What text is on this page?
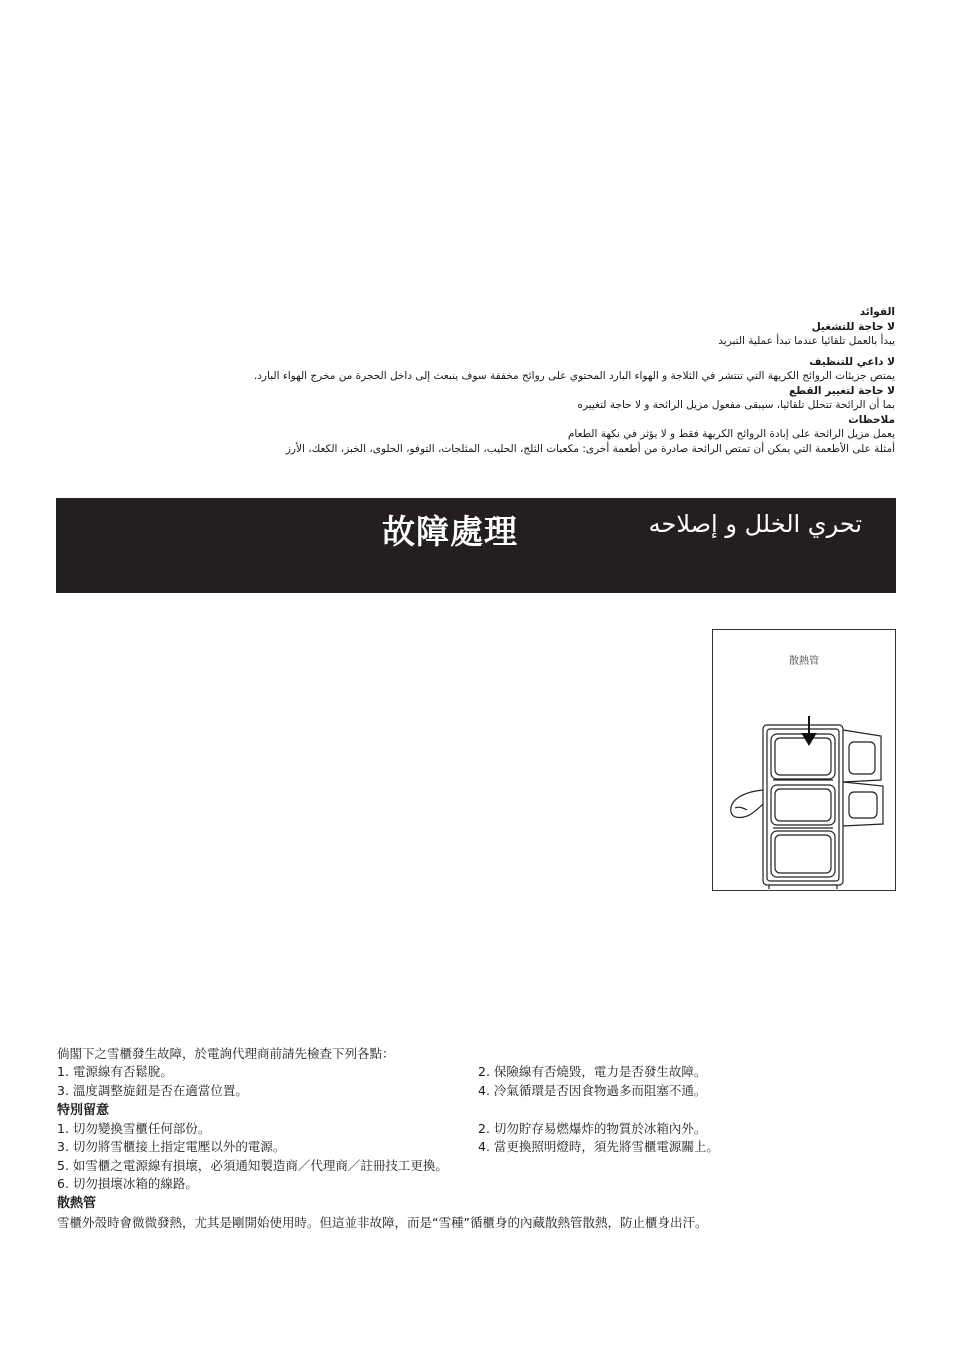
الفوائد
لا حاجة للتشغيل
يبدأ بالعمل تلقائيا عندما تبدأ عملية التبريد
لا داعي للتنظيف
يمتص جزيئات الروائح الكريهة التي تنتشر في الثلاجة و الهواء البارد المحتوي على روائح مخففة سوف ينبعث إلى داخل الحجرة من مخرج الهواء البارد.
لا حاجة لتغيير القطع
بما أن الرائحة تتحلل تلقائيا، سيبقى مفعول مزيل الرائحة و لا حاجة لتغييره
ملاحظات
يعمل مزيل الرائحة على إبادة الروائح الكريهة فقط و لا يؤثر في نكهة الطعام
أمثلة على الأطعمة التي يمكن أن تمتص الرائحة صادرة من أطعمة أخرى: مكعبات الثلج، الحليب، المثلجات، التوفو، الحلوى، الخبز، الكعك، الأرز
故障處理	تحري الخلل و إصلاحه
散熱管
倘閣下之雪櫃發生故障，於電詢代理商前請先檢查下列各點：
1. 電源線有否鬆脫。	2. 保險線有否燒毀，電力是否發生故障。
3. 溫度調整旋鈕是否在適當位置。	4. 冷氣循環是否因食物過多而阻塞不通。
特別留意
1. 切勿變換雪櫃任何部份。	2. 切勿貯存易燃爆炸的物質於冰箱內外。
3. 切勿將雪櫃接上指定電壓以外的電源。	4. 當更換照明燈時，須先將雪櫃電源關上。
5. 如雪櫃之電源線有損壞，必須通知製造商／代理商／註冊技工更換。
6. 切勿損壞冰箱的線路。
散熱管
雪櫃外殼時會微微發熱，尤其是剛開始使用時。但這並非故障，而是“雪種”循櫃身的內藏散熱管散熱，防止櫃身出汗。
